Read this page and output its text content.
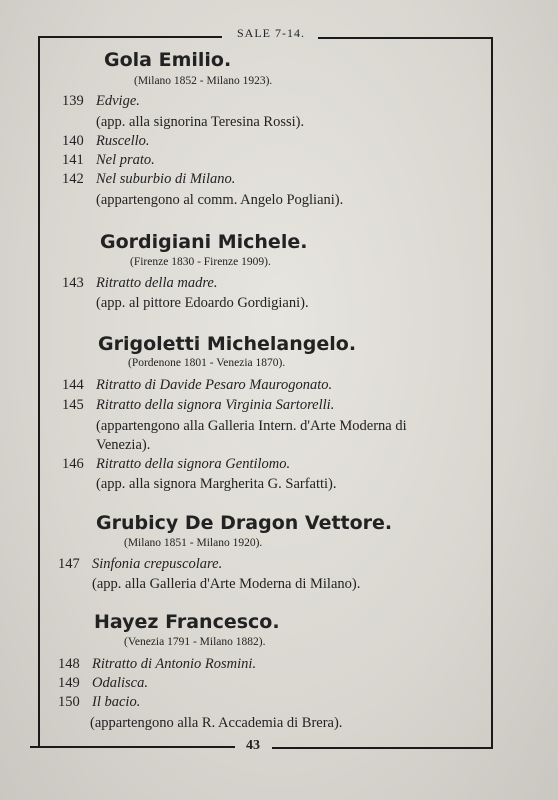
SALE 7-14.
Gola Emilio.
(Milano 1852 - Milano 1923).
139 Edvige.
(app. alla signorina Teresina Rossi).
140 Ruscello.
141 Nel prato.
142 Nel suburbio di Milano.
(appartengono al comm. Angelo Pogliani).
Gordigiani Michele.
(Firenze 1830 - Firenze 1909).
143 Ritratto della madre.
(app. al pittore Edoardo Gordigiani).
Grigoletti Michelangelo.
(Pordenone 1801 - Venezia 1870).
144 Ritratto di Davide Pesaro Maurogonato.
145 Ritratto della signora Virginia Sartorelli.
(appartengono alla Galleria Intern. d'Arte Moderna di
Venezia).
146 Ritratto della signora Gentilomo.
(app. alla signora Margherita G. Sarfatti).
Grubicy De Dragon Vettore.
(Milano 1851 - Milano 1920).
147 Sinfonia crepuscolare.
(app. alla Galleria d'Arte Moderna di Milano).
Hayez Francesco.
(Venezia 1791 - Milano 1882).
148 Ritratto di Antonio Rosmini.
149 Odalisca.
150 Il bacio.
(appartengono alla R. Accademia di Brera).
43
